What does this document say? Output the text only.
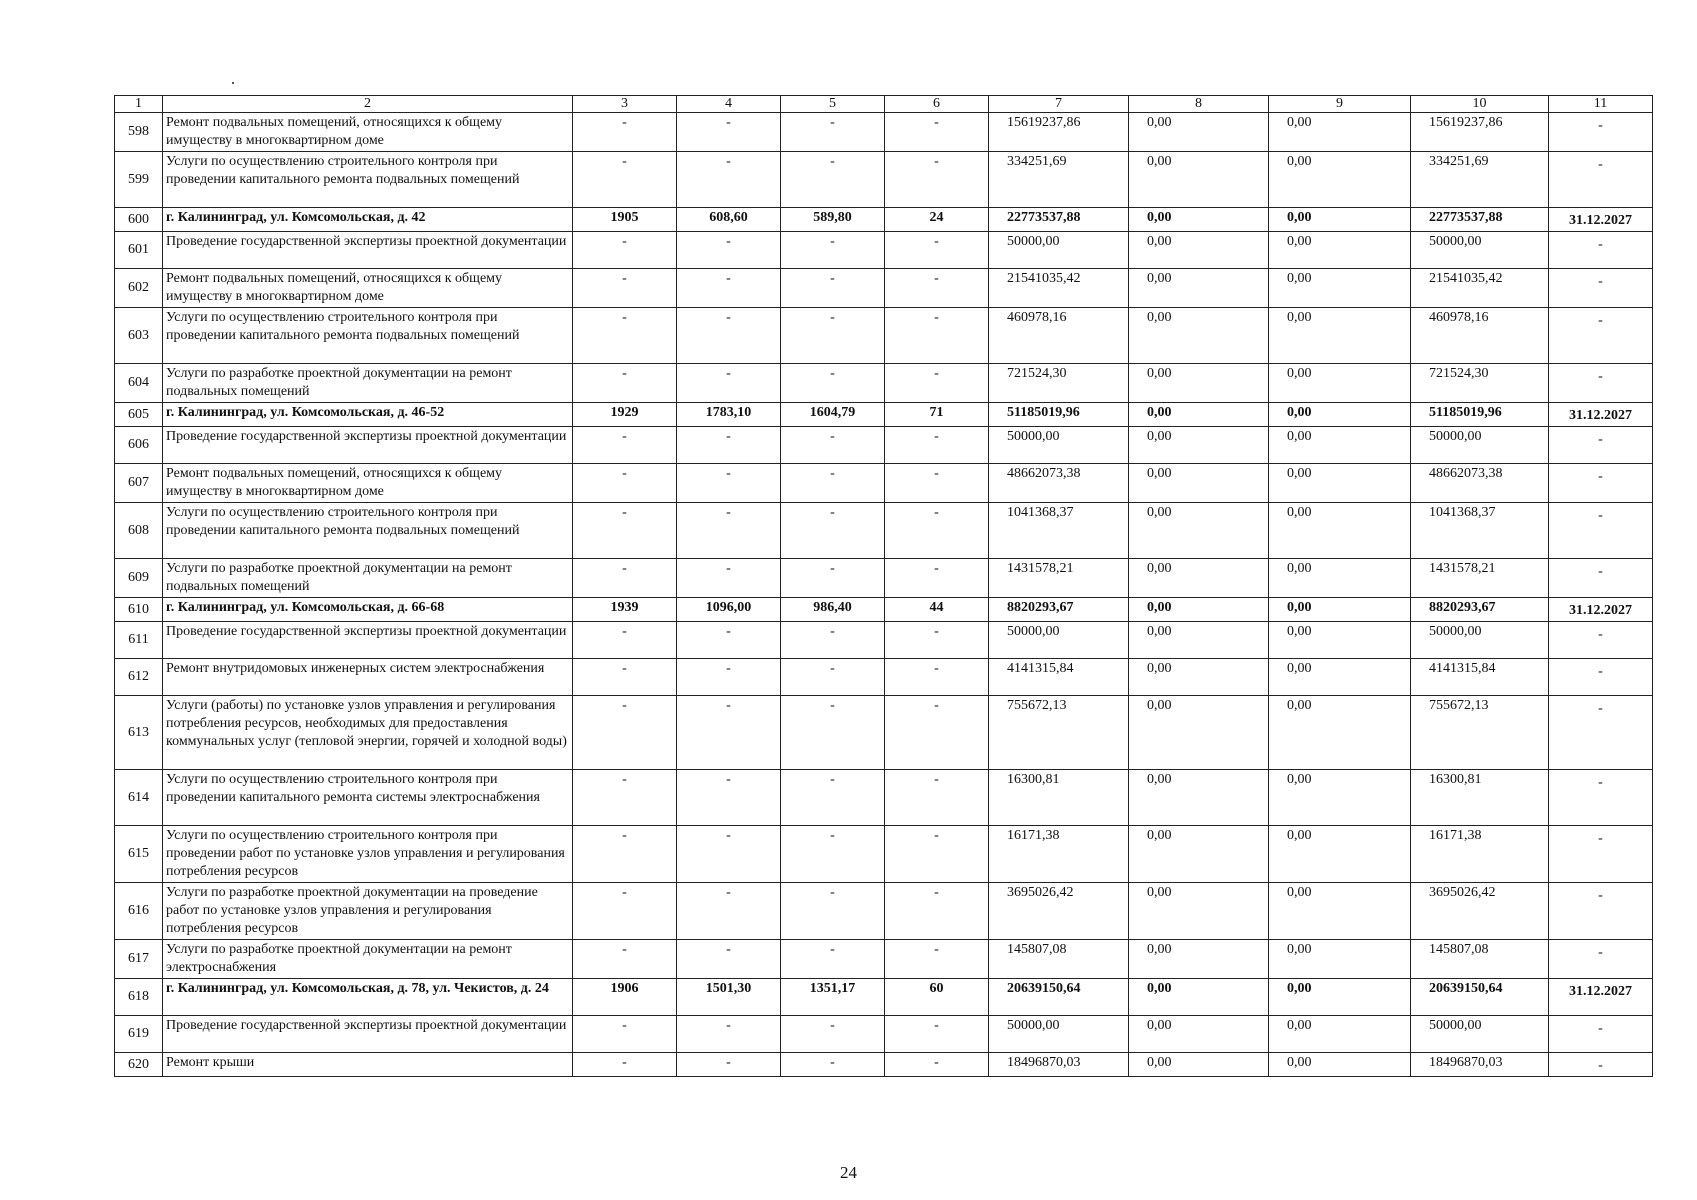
1	2	3	4	5	6	7	8	9	10	11
598	Ремонт подвальных помещений, относящихся к общему имуществу в многоквартирном доме	-	-	-	-	15619237,86	0,00	0,00	15619237,86	-
599	Услуги по осуществлению строительного контроля при проведении капитального ремонта подвальных помещений	-	-	-	-	334251,69	0,00	0,00	334251,69	-
600	г. Калининград, ул. Комсомольская, д. 42	1905	608,60	589,80	24	22773537,88	0,00	0,00	22773537,88	31.12.2027
601	Проведение государственной экспертизы проектной документации	-	-	-	-	50000,00	0,00	0,00	50000,00	-
602	Ремонт подвальных помещений, относящихся к общему имуществу в многоквартирном доме	-	-	-	-	21541035,42	0,00	0,00	21541035,42	-
603	Услуги по осуществлению строительного контроля при проведении капитального ремонта подвальных помещений	-	-	-	-	460978,16	0,00	0,00	460978,16	-
604	Услуги по разработке проектной документации на ремонт подвальных помещений	-	-	-	-	721524,30	0,00	0,00	721524,30	-
605	г. Калининград, ул. Комсомольская, д. 46-52	1929	1783,10	1604,79	71	51185019,96	0,00	0,00	51185019,96	31.12.2027
606	Проведение государственной экспертизы проектной документации	-	-	-	-	50000,00	0,00	0,00	50000,00	-
607	Ремонт подвальных помещений, относящихся к общему имуществу в многоквартирном доме	-	-	-	-	48662073,38	0,00	0,00	48662073,38	-
608	Услуги по осуществлению строительного контроля при проведении капитального ремонта подвальных помещений	-	-	-	-	1041368,37	0,00	0,00	1041368,37	-
609	Услуги по разработке проектной документации на ремонт подвальных помещений	-	-	-	-	1431578,21	0,00	0,00	1431578,21	-
610	г. Калининград, ул. Комсомольская, д. 66-68	1939	1096,00	986,40	44	8820293,67	0,00	0,00	8820293,67	31.12.2027
611	Проведение государственной экспертизы проектной документации	-	-	-	-	50000,00	0,00	0,00	50000,00	-
612	Ремонт внутридомовых инженерных систем электроснабжения	-	-	-	-	4141315,84	0,00	0,00	4141315,84	-
613	Услуги (работы) по установке узлов управления и регулирования потребления ресурсов, необходимых для предоставления коммунальных услуг (тепловой энергии, горячей и холодной воды)	-	-	-	-	755672,13	0,00	0,00	755672,13	-
614	Услуги по осуществлению строительного контроля при проведении капитального ремонта системы электроснабжения	-	-	-	-	16300,81	0,00	0,00	16300,81	-
615	Услуги по осуществлению строительного контроля при проведении работ по установке узлов управления и регулирования потребления ресурсов	-	-	-	-	16171,38	0,00	0,00	16171,38	-
616	Услуги по разработке проектной документации на проведение работ по установке узлов управления и регулирования потребления ресурсов	-	-	-	-	3695026,42	0,00	0,00	3695026,42	-
617	Услуги по разработке проектной документации на ремонт электроснабжения	-	-	-	-	145807,08	0,00	0,00	145807,08	-
618	г. Калининград, ул. Комсомольская, д. 78, ул. Чекистов, д. 24	1906	1501,30	1351,17	60	20639150,64	0,00	0,00	20639150,64	31.12.2027
619	Проведение государственной экспертизы проектной документации	-	-	-	-	50000,00	0,00	0,00	50000,00	-
620	Ремонт крыши	-	-	-	-	18496870,03	0,00	0,00	18496870,03	-
24
